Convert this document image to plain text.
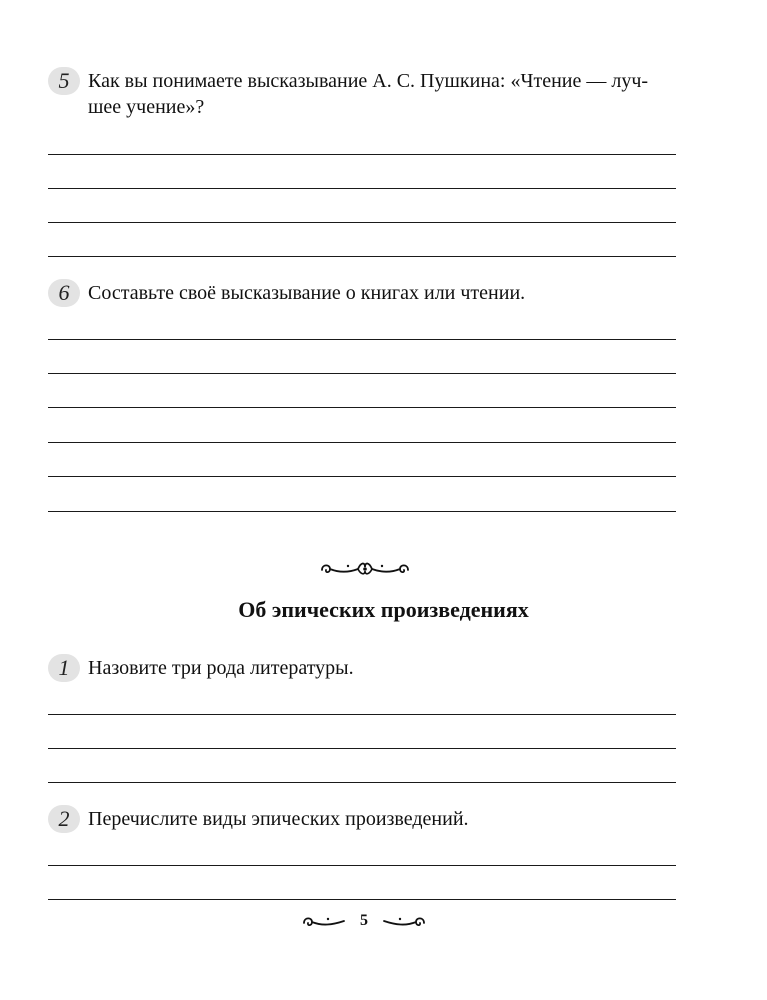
5 Как вы понимаете высказывание А. С. Пушкина: «Чтение — луч-
шее учение»?
6 Составьте своё высказывание о книгах или чтении.
Об эпических произведениях
1 Назовите три рода литературы.
2 Перечислите виды эпических произведений.
5
